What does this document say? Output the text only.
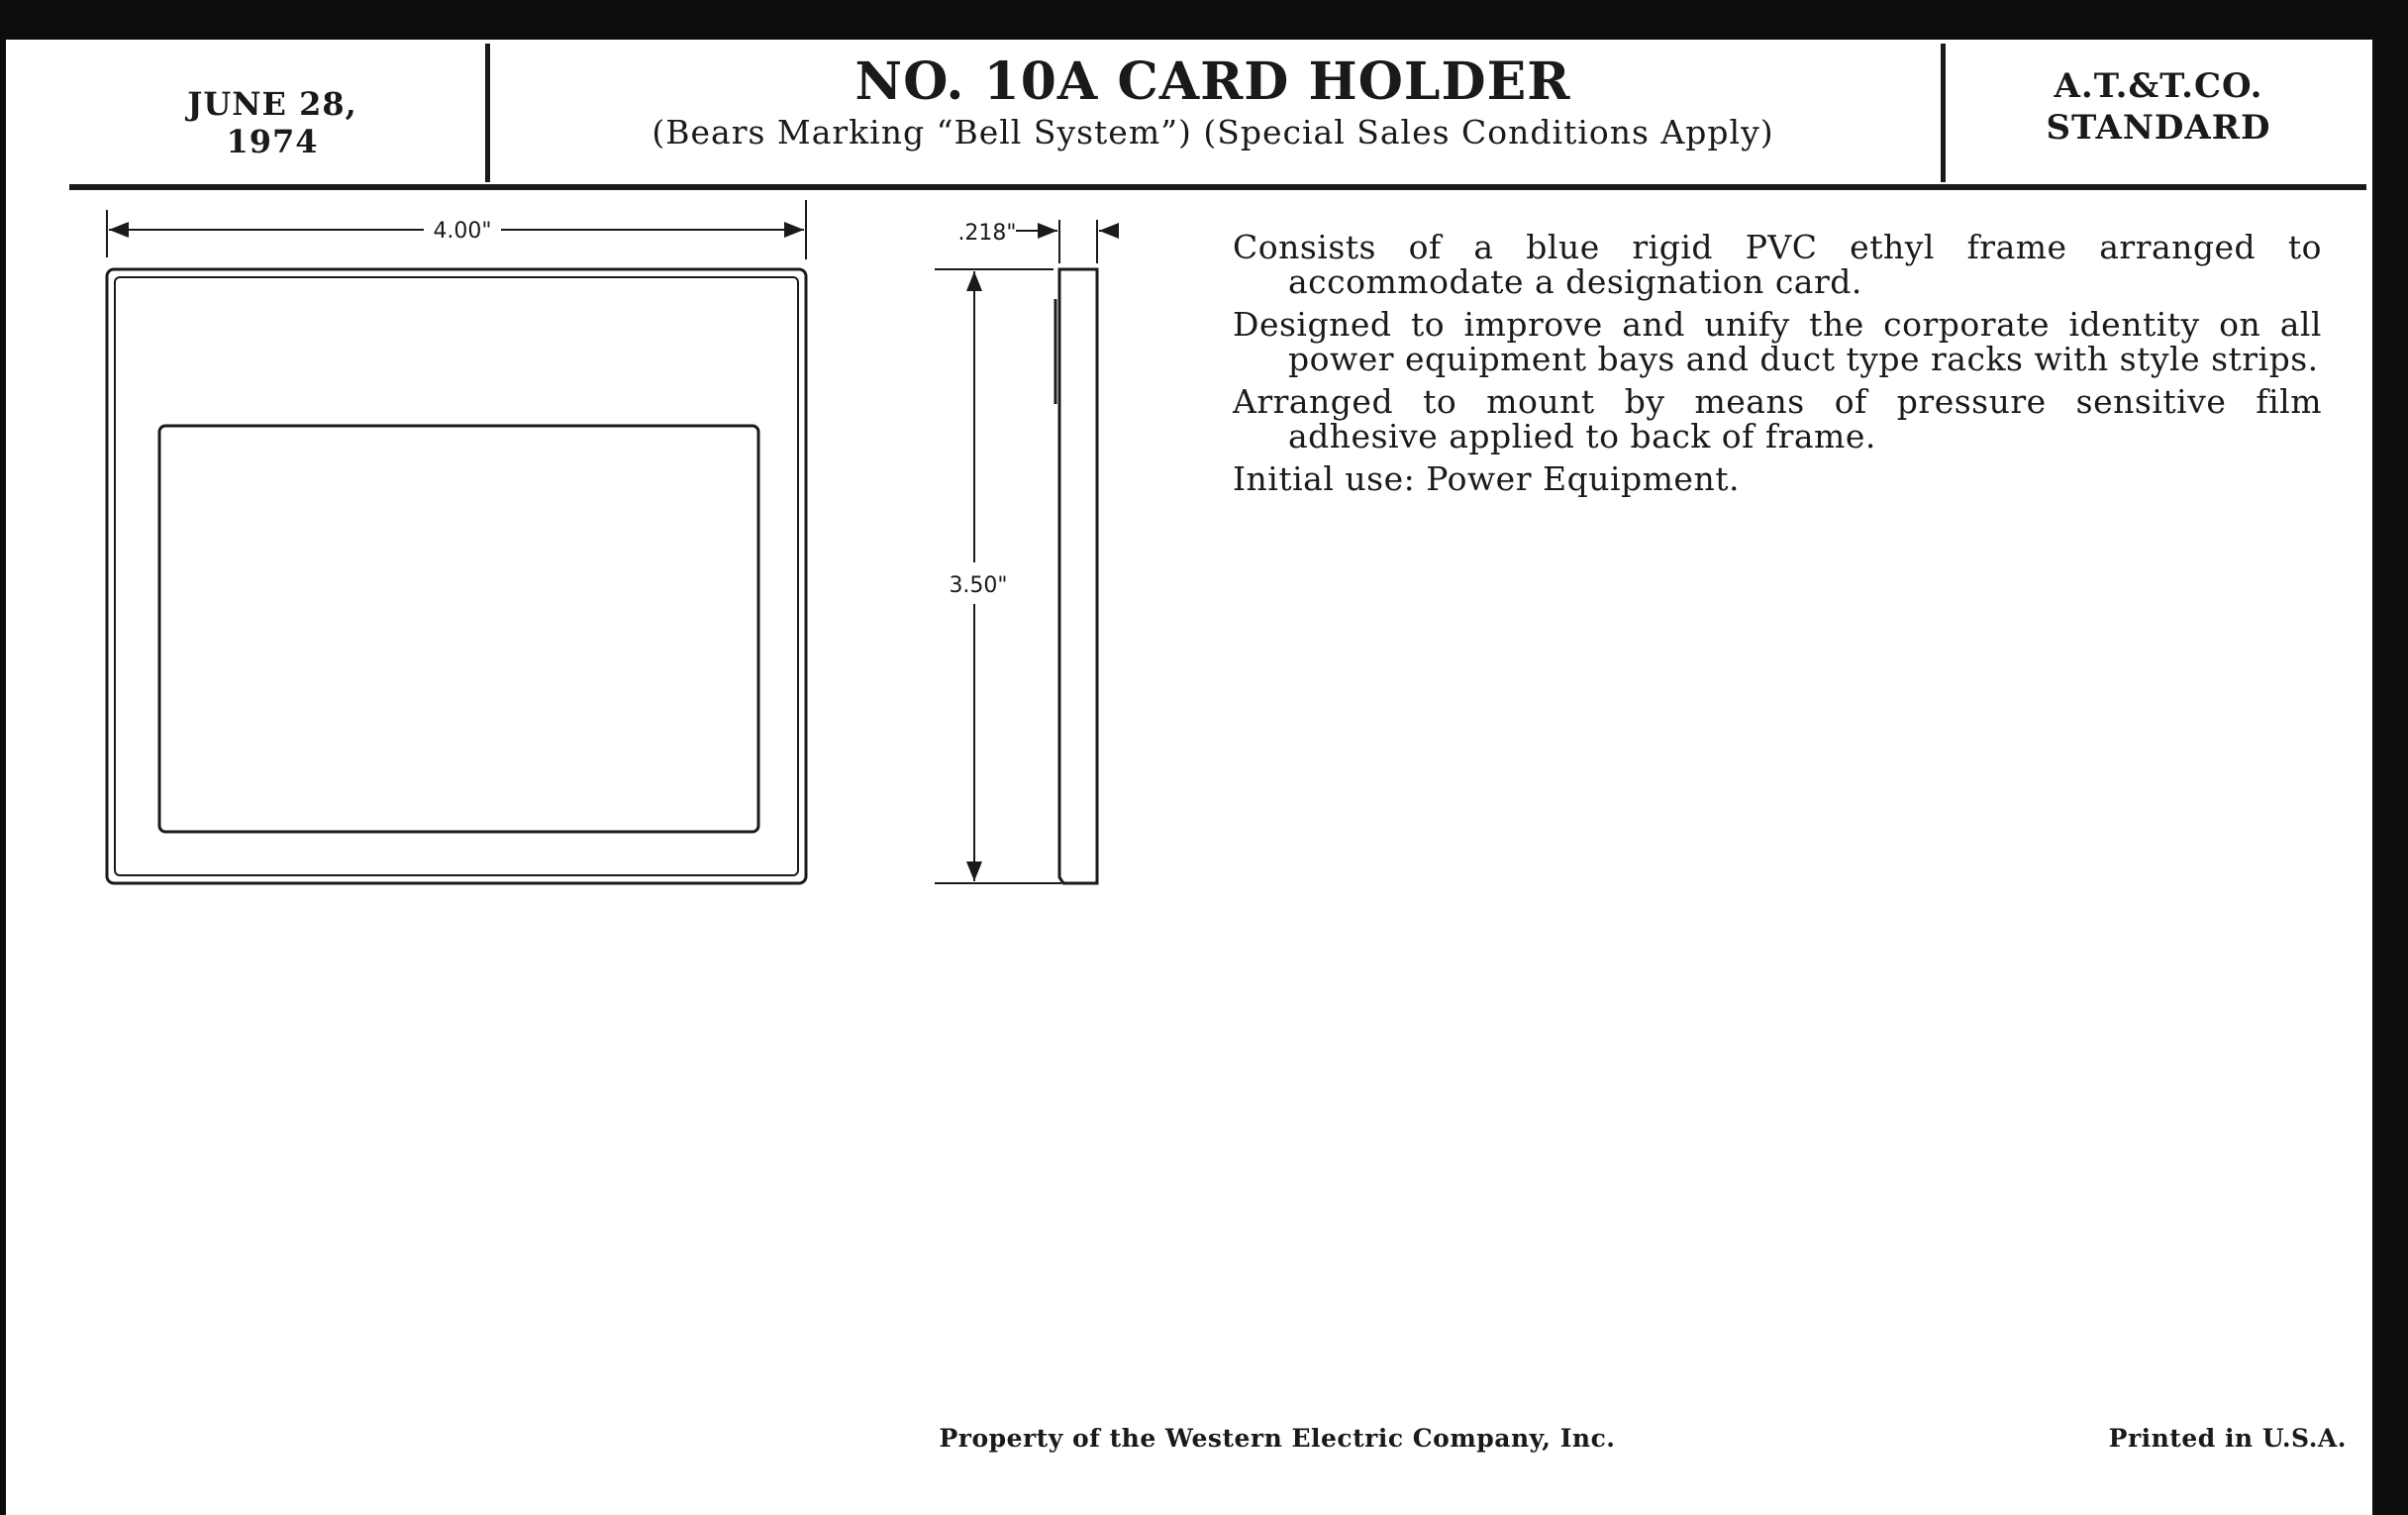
JUNE 28, 1974
NO. 10A CARD HOLDER
(Bears Marking “Bell System”) (Special Sales Conditions Apply)
A.T.&T.CO.
STANDARD
4.00"	.218"
3.50"

Consists of a blue rigid PVC ethyl frame arranged to accommodate a designation card.

Designed to improve and unify the corporate identity on all power equipment bays and duct type racks with style strips.

Arranged to mount by means of pressure sensitive film adhesive applied to back of frame.

Initial use: Power Equipment.

Property of the Western Electric Company, Inc.	Printed in U.S.A.
